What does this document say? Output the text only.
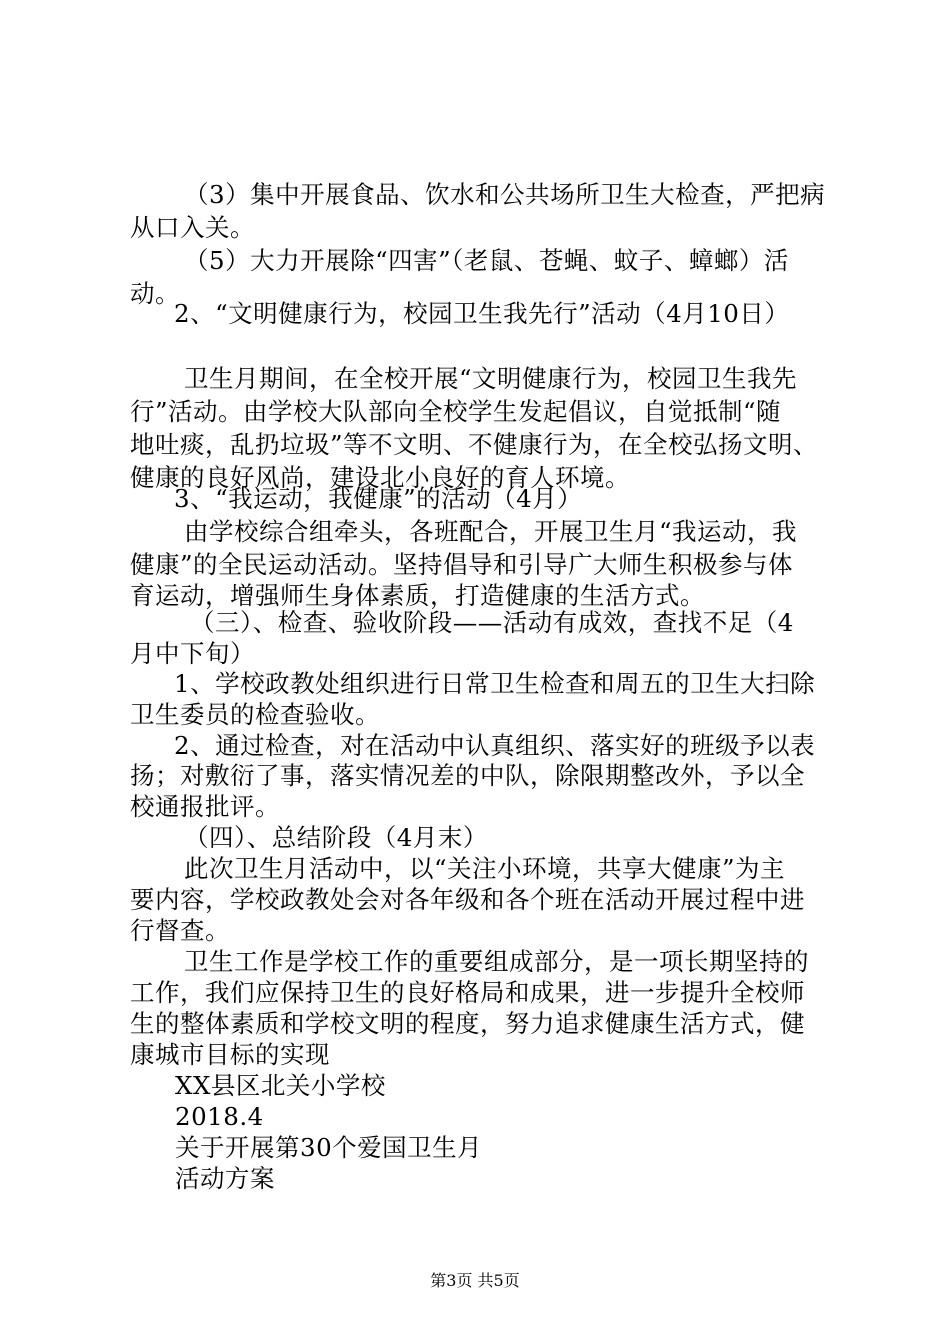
（3）集中开展食品、饮水和公共场所卫生大检查，严把病
从口入关。
（5）大力开展除“四害”（老鼠、苍蝇、蚊子、蟑螂）活
动。
2、“文明健康行为，校园卫生我先行”活动（4月10日）
卫生月期间，在全校开展“文明健康行为，校园卫生我先
行”活动。由学校大队部向全校学生发起倡议，自觉抵制“随
地吐痰，乱扔垃圾”等不文明、不健康行为，在全校弘扬文明、
健康的良好风尚，建设北小良好的育人环境。
3、“我运动，我健康”的活动（4月）
由学校综合组牵头，各班配合，开展卫生月“我运动，我
健康”的全民运动活动。坚持倡导和引导广大师生积极参与体
育运动，增强师生身体素质，打造健康的生活方式。
（三）、检查、验收阶段——活动有成效，查找不足（4
月中下旬）
1、学校政教处组织进行日常卫生检查和周五的卫生大扫除
卫生委员的检查验收。
2、通过检查，对在活动中认真组织、落实好的班级予以表
扬；对敷衍了事，落实情况差的中队，除限期整改外，予以全
校通报批评。
（四）、总结阶段（4月末）
此次卫生月活动中，以“关注小环境，共享大健康”为主
要内容，学校政教处会对各年级和各个班在活动开展过程中进
行督查。
卫生工作是学校工作的重要组成部分，是一项长期坚持的
工作，我们应保持卫生的良好格局和成果，进一步提升全校师
生的整体素质和学校文明的程度，努力追求健康生活方式，健
康城市目标的实现
XX县区北关小学校
2018.4
关于开展第30个爱国卫生月
活动方案
第3页 共5页
